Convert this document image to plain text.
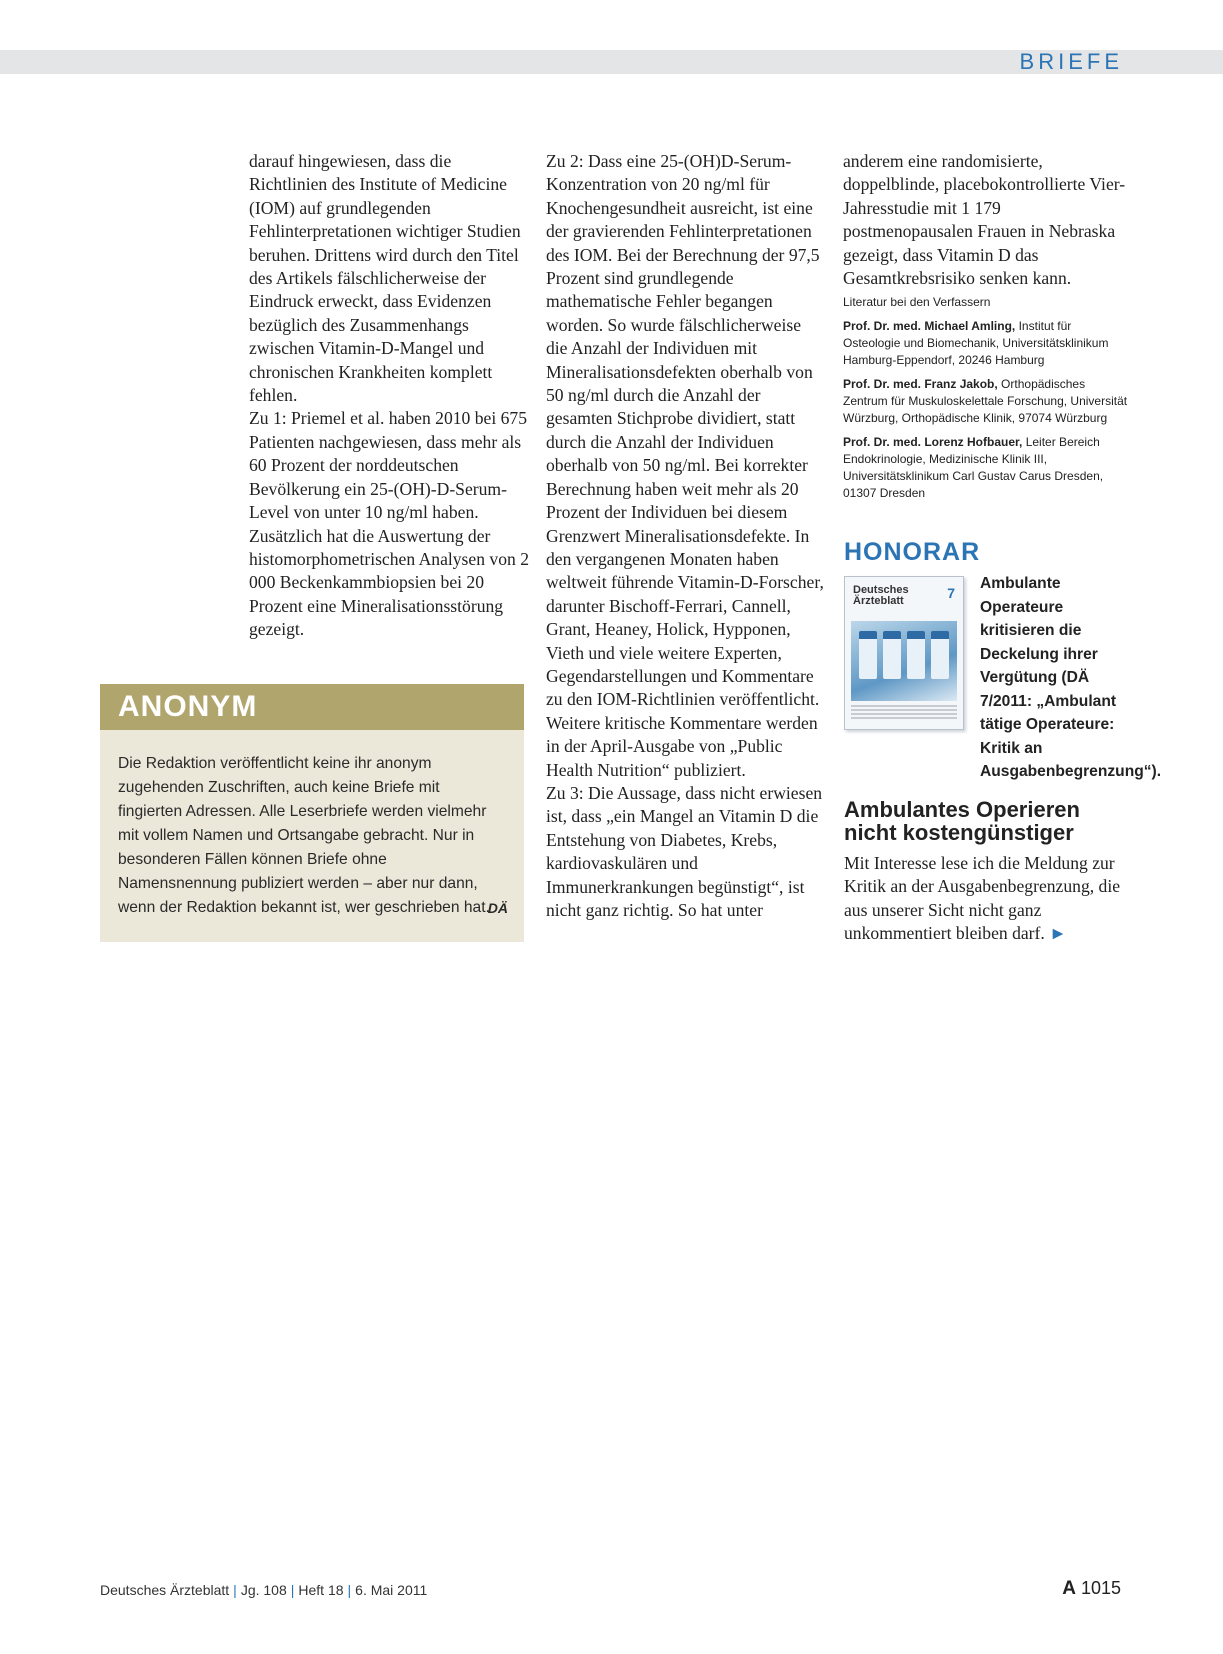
BRIEFE

darauf hingewiesen, dass die Richtlinien des Institute of Medicine (IOM) auf grundlegenden Fehlinterpretationen wichtiger Studien beruhen. Drittens wird durch den Titel des Artikels fälschlicherweise der Eindruck erweckt, dass Evidenzen bezüglich des Zusammenhangs zwischen Vitamin-D-Mangel und chronischen Krankheiten komplett fehlen.

Zu 1: Priemel et al. haben 2010 bei 675 Patienten nachgewiesen, dass mehr als 60 Prozent der norddeutschen Bevölkerung ein 25-(OH)-D-Serum-Level von unter 10 ng/ml haben. Zusätzlich hat die Auswertung der histomorphometrischen Analysen von 2 000 Beckenkammbiopsien bei 20 Prozent eine Mineralisationsstörung gezeigt.

ANONYM
Die Redaktion veröffentlicht keine ihr anonym zugehenden Zuschriften, auch keine Briefe mit fingierten Adressen. Alle Leserbriefe werden vielmehr mit vollem Namen und Ortsangabe gebracht. Nur in besonderen Fällen können Briefe ohne Namensnennung publiziert werden – aber nur dann, wenn der Redaktion bekannt ist, wer geschrieben hat.
DÄ

Zu 2: Dass eine 25-(OH)D-Serum-Konzentration von 20 ng/ml für Knochengesundheit ausreicht, ist eine der gravierenden Fehlinterpretationen des IOM. Bei der Berechnung der 97,5 Prozent sind grundlegende mathematische Fehler begangen worden. So wurde fälschlicherweise die Anzahl der Individuen mit Mineralisationsdefekten oberhalb von 50 ng/ml durch die Anzahl der gesamten Stichprobe dividiert, statt durch die Anzahl der Individuen oberhalb von 50 ng/ml. Bei korrekter Berechnung haben weit mehr als 20 Prozent der Individuen bei diesem Grenzwert Mineralisationsdefekte. In den vergangenen Monaten haben weltweit führende Vitamin-D-Forscher, darunter Bischoff-Ferrari, Cannell, Grant, Heaney, Holick, Hypponen, Vieth und viele weitere Experten, Gegendarstellungen und Kommentare zu den IOM-Richtlinien veröffentlicht. Weitere kritische Kommentare werden in der April-Ausgabe von „Public Health Nutrition“ publiziert.

Zu 3: Die Aussage, dass nicht erwiesen ist, dass „ein Mangel an Vitamin D die Entstehung von Diabetes, Krebs, kardiovaskulären und Immunerkrankungen begünstigt“, ist nicht ganz richtig. So hat unter

anderem eine randomisierte, doppelblinde, placebokontrollierte Vier-Jahresstudie mit 1 179 postmenopausalen Frauen in Nebraska gezeigt, dass Vitamin D das Gesamtkrebsrisiko senken kann.

Literatur bei den Verfassern

Prof. Dr. med. Michael Amling, Institut für Osteologie und Biomechanik, Universitätsklinikum Hamburg-Eppendorf, 20246 Hamburg

Prof. Dr. med. Franz Jakob, Orthopädisches Zentrum für Muskuloskelettale Forschung, Universität Würzburg, Orthopädische Klinik, 97074 Würzburg

Prof. Dr. med. Lorenz Hofbauer, Leiter Bereich Endokrinologie, Medizinische Klinik III, Universitätsklinikum Carl Gustav Carus Dresden, 01307 Dresden

HONORAR
Deutsches
Ärzteblatt	7
Ambulante Operateure kritisieren die Deckelung ihrer Vergütung (DÄ 7/2011: „Ambulant tätige Operateure: Kritik an Ausgabenbegrenzung“).
Ambulantes Operieren nicht kostengünstiger
Mit Interesse lese ich die Meldung zur Kritik an der Ausgabenbegrenzung, die aus unserer Sicht nicht ganz unkommentiert bleiben darf. ►
Deutsches Ärzteblatt | Jg. 108 | Heft 18 | 6. Mai 2011	A 1015
